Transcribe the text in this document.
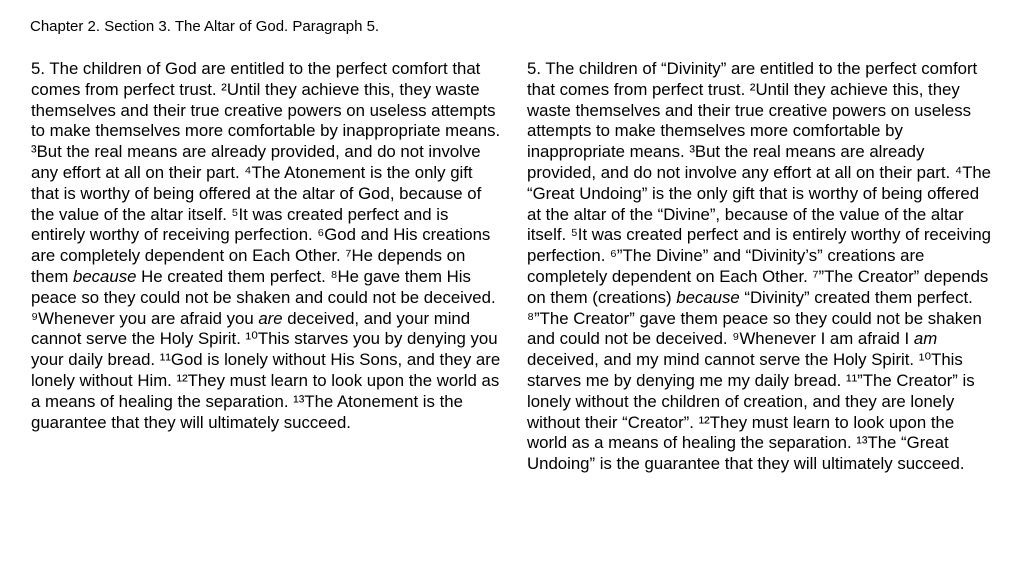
Chapter 2. Section 3. The Altar of God. Paragraph 5.

5. The children of God are entitled to the perfect comfort that comes from perfect trust. ²Until they achieve this, they waste themselves and their true creative powers on useless attempts to make themselves more comfortable by inappropriate means. ³But the real means are already provided, and do not involve any effort at all on their part. ⁴The Atonement is the only gift that is worthy of being offered at the altar of God, because of the value of the altar itself. ⁵It was created perfect and is entirely worthy of receiving perfection. ⁶God and His creations are completely dependent on Each Other. ⁷He depends on them because He created them perfect. ⁸He gave them His peace so they could not be shaken and could not be deceived. ⁹Whenever you are afraid you are deceived, and your mind cannot serve the Holy Spirit. ¹⁰This starves you by denying you your daily bread. ¹¹God is lonely without His Sons, and they are lonely without Him. ¹²They must learn to look upon the world as a means of healing the separation. ¹³The Atonement is the guarantee that they will ultimately succeed.

5. The children of “Divinity” are entitled to the perfect comfort that comes from perfect trust. ²Until they achieve this, they waste themselves and their true creative powers on useless attempts to make themselves more comfortable by inappropriate means. ³But the real means are already provided, and do not involve any effort at all on their part. ⁴The “Great Undoing” is the only gift that is worthy of being offered at the altar of the “Divine”, because of the value of the altar itself. ⁵It was created perfect and is entirely worthy of receiving perfection. ⁶”The Divine” and “Divinity’s” creations are completely dependent on Each Other. ⁷”The Creator” depends on them (creations) because “Divinity” created them perfect. ⁸”The Creator” gave them peace so they could not be shaken and could not be deceived. ⁹Whenever I am afraid I am deceived, and my mind cannot serve the Holy Spirit. ¹⁰This starves me by denying me my daily bread. ¹¹”The Creator” is lonely without the children of creation, and they are lonely without their “Creator”. ¹²They must learn to look upon the world as a means of healing the separation. ¹³The “Great Undoing” is the guarantee that they will ultimately succeed.
